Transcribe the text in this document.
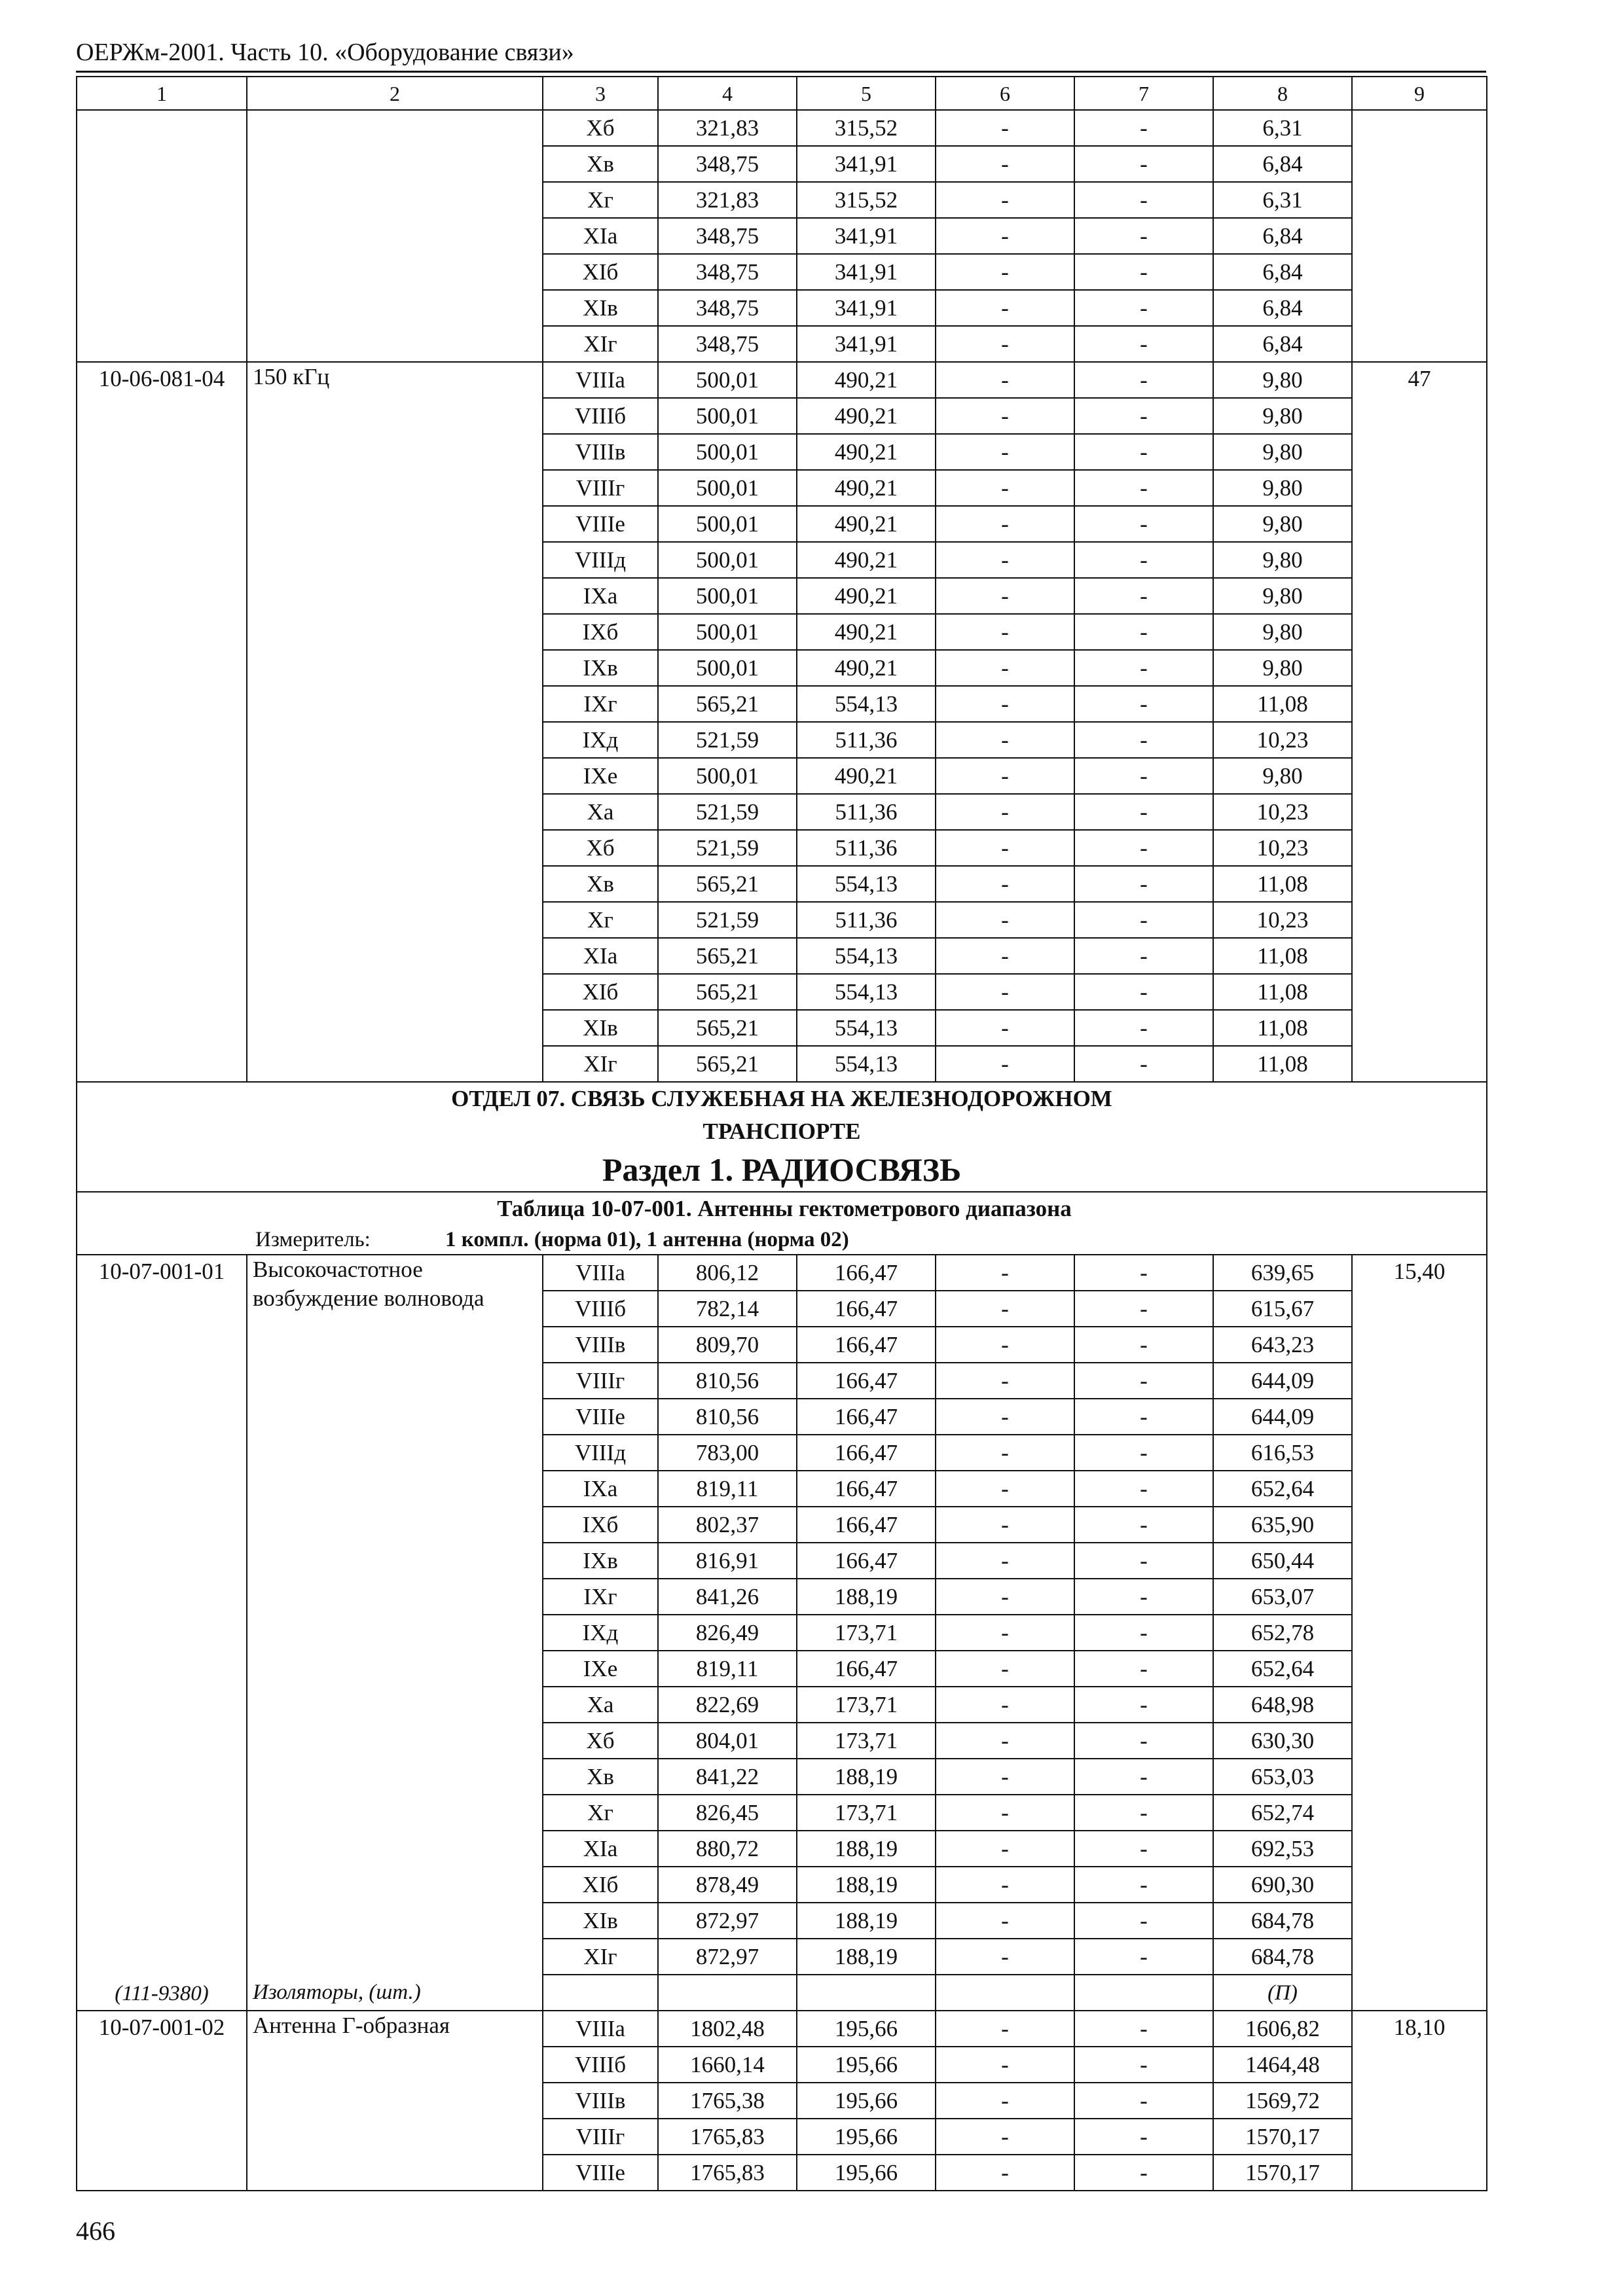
ОЕРЖм-2001. Часть 10. «Оборудование связи»
1	2	3	4	5	6	7	8	9
		Xб	321,83	315,52	-	-	6,31	
		Xв	348,75	341,91	-	-	6,84	
		Xг	321,83	315,52	-	-	6,31	
		XIa	348,75	341,91	-	-	6,84	
		XIб	348,75	341,91	-	-	6,84	
		XIв	348,75	341,91	-	-	6,84	
		XIг	348,75	341,91	-	-	6,84	
10-06-081-04	150 кГц	VIIIa	500,01	490,21	-	-	9,80	47
		VIIIб	500,01	490,21	-	-	9,80	
		VIIIв	500,01	490,21	-	-	9,80	
		VIIIг	500,01	490,21	-	-	9,80	
		VIIIe	500,01	490,21	-	-	9,80	
		VIIIд	500,01	490,21	-	-	9,80	
		IXa	500,01	490,21	-	-	9,80	
		IXб	500,01	490,21	-	-	9,80	
		IXв	500,01	490,21	-	-	9,80	
		IXг	565,21	554,13	-	-	11,08	
		IXд	521,59	511,36	-	-	10,23	
		IXe	500,01	490,21	-	-	9,80	
		Xa	521,59	511,36	-	-	10,23	
		Xб	521,59	511,36	-	-	10,23	
		Xв	565,21	554,13	-	-	11,08	
		Xг	521,59	511,36	-	-	10,23	
		XIa	565,21	554,13	-	-	11,08	
		XIб	565,21	554,13	-	-	11,08	
		XIв	565,21	554,13	-	-	11,08	
		XIг	565,21	554,13	-	-	11,08	

ОТДЕЛ 07. СВЯЗЬ СЛУЖЕБНАЯ НА ЖЕЛЕЗНОДОРОЖНОМ
ТРАНСПОРТЕ
Раздел 1. РАДИОСВЯЗЬ								

Таблица 10-07-001. Антенны гектометрового диапазона
Измеритель: 1 компл. (норма 01), 1 антенна (норма 02)								

10-07-001-01	Высокочастотное возбуждение волновода	VIIIa	806,12	166,47	-	-	639,65	15,40
		VIIIб	782,14	166,47	-	-	615,67	
		VIIIв	809,70	166,47	-	-	643,23	
		VIIIг	810,56	166,47	-	-	644,09	
		VIIIe	810,56	166,47	-	-	644,09	
		VIIIд	783,00	166,47	-	-	616,53	
		IXa	819,11	166,47	-	-	652,64	
		IXб	802,37	166,47	-	-	635,90	
		IXв	816,91	166,47	-	-	650,44	
		IXг	841,26	188,19	-	-	653,07	
		IXд	826,49	173,71	-	-	652,78	
		IXe	819,11	166,47	-	-	652,64	
		Xa	822,69	173,71	-	-	648,98	
		Xб	804,01	173,71	-	-	630,30	
		Xв	841,22	188,19	-	-	653,03	
		Xг	826,45	173,71	-	-	652,74	
		XIa	880,72	188,19	-	-	692,53	
		XIб	878,49	188,19	-	-	690,30	
		XIв	872,97	188,19	-	-	684,78	
		XIг	872,97	188,19	-	-	684,78	
(111-9380)	Изоляторы, (шт.)						(П)	
10-07-001-02	Антенна Г-образная	VIIIa	1802,48	195,66	-	-	1606,82	18,10
		VIIIб	1660,14	195,66	-	-	1464,48	
		VIIIв	1765,38	195,66	-	-	1569,72	
		VIIIг	1765,83	195,66	-	-	1570,17	
		VIIIe	1765,83	195,66	-	-	1570,17	
466
